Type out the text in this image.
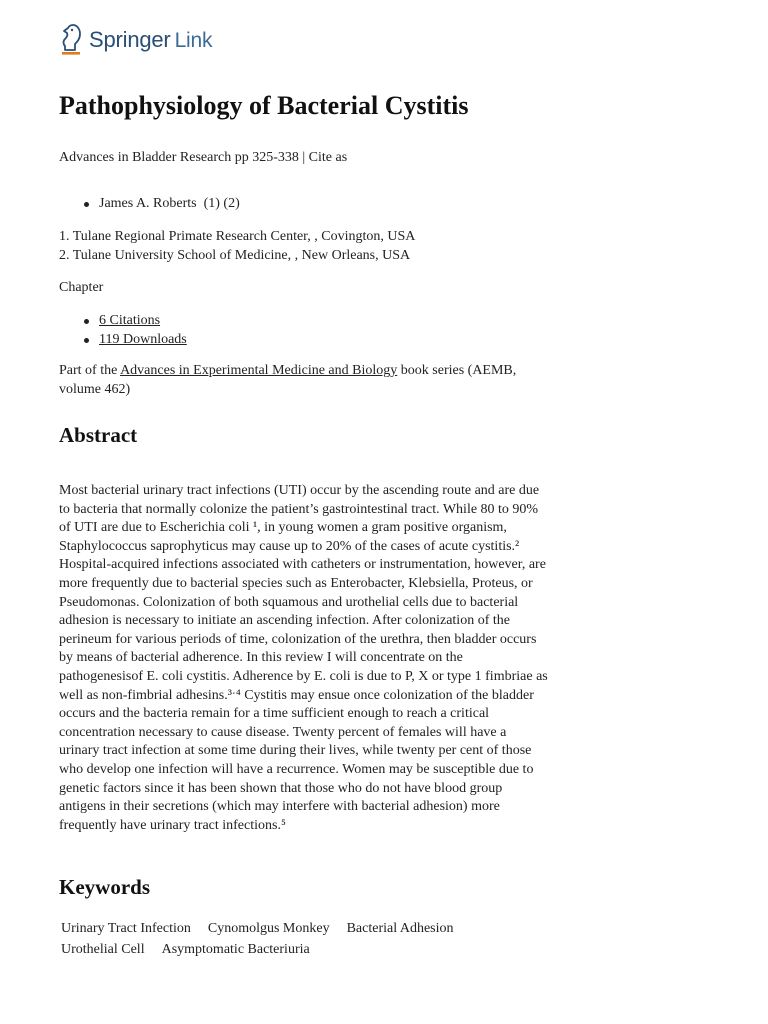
Springer Link
Pathophysiology of Bacterial Cystitis
Advances in Bladder Research pp 325-338 | Cite as
James A. Roberts (1) (2)
1. Tulane Regional Primate Research Center, , Covington, USA
2. Tulane University School of Medicine, , New Orleans, USA
Chapter
6 Citations
119 Downloads
Part of the Advances in Experimental Medicine and Biology book series (AEMB, volume 462)
Abstract

Most bacterial urinary tract infections (UTI) occur by the ascending route and are due to bacteria that normally colonize the patient’s gastrointestinal tract. While 80 to 90% of UTI are due to Escherichia coli ¹, in young women a gram positive organism, Staphylococcus saprophyticus may cause up to 20% of the cases of acute cystitis.² Hospital-acquired infections associated with catheters or instrumentation, however, are more frequently due to bacterial species such as Enterobacter, Klebsiella, Proteus, or Pseudomonas. Colonization of both squamous and urothelial cells due to bacterial adhesion is necessary to initiate an ascending infection. After colonization of the perineum for various periods of time, colonization of the urethra, then bladder occurs by means of bacterial adherence. In this review I will concentrate on the pathogenesisof E. coli cystitis. Adherence by E. coli is due to P, X or type 1 fimbriae as well as non-fimbrial adhesins.³ˑ⁴ Cystitis may ensue once colonization of the bladder occurs and the bacteria remain for a time sufficient enough to reach a critical concentration necessary to cause disease. Twenty percent of females will have a urinary tract infection at some time during their lives, while twenty per cent of those who develop one infection will have a recurrence. Women may be susceptible due to genetic factors since it has been shown that those who do not have blood group antigens in their secretions (which may interfere with bacterial adhesion) more frequently have urinary tract infections.⁵

Keywords
Urinary Tract Infection Cynomolgus Monkey Bacterial Adhesion
Urothelial Cell Asymptomatic Bacteriuria
